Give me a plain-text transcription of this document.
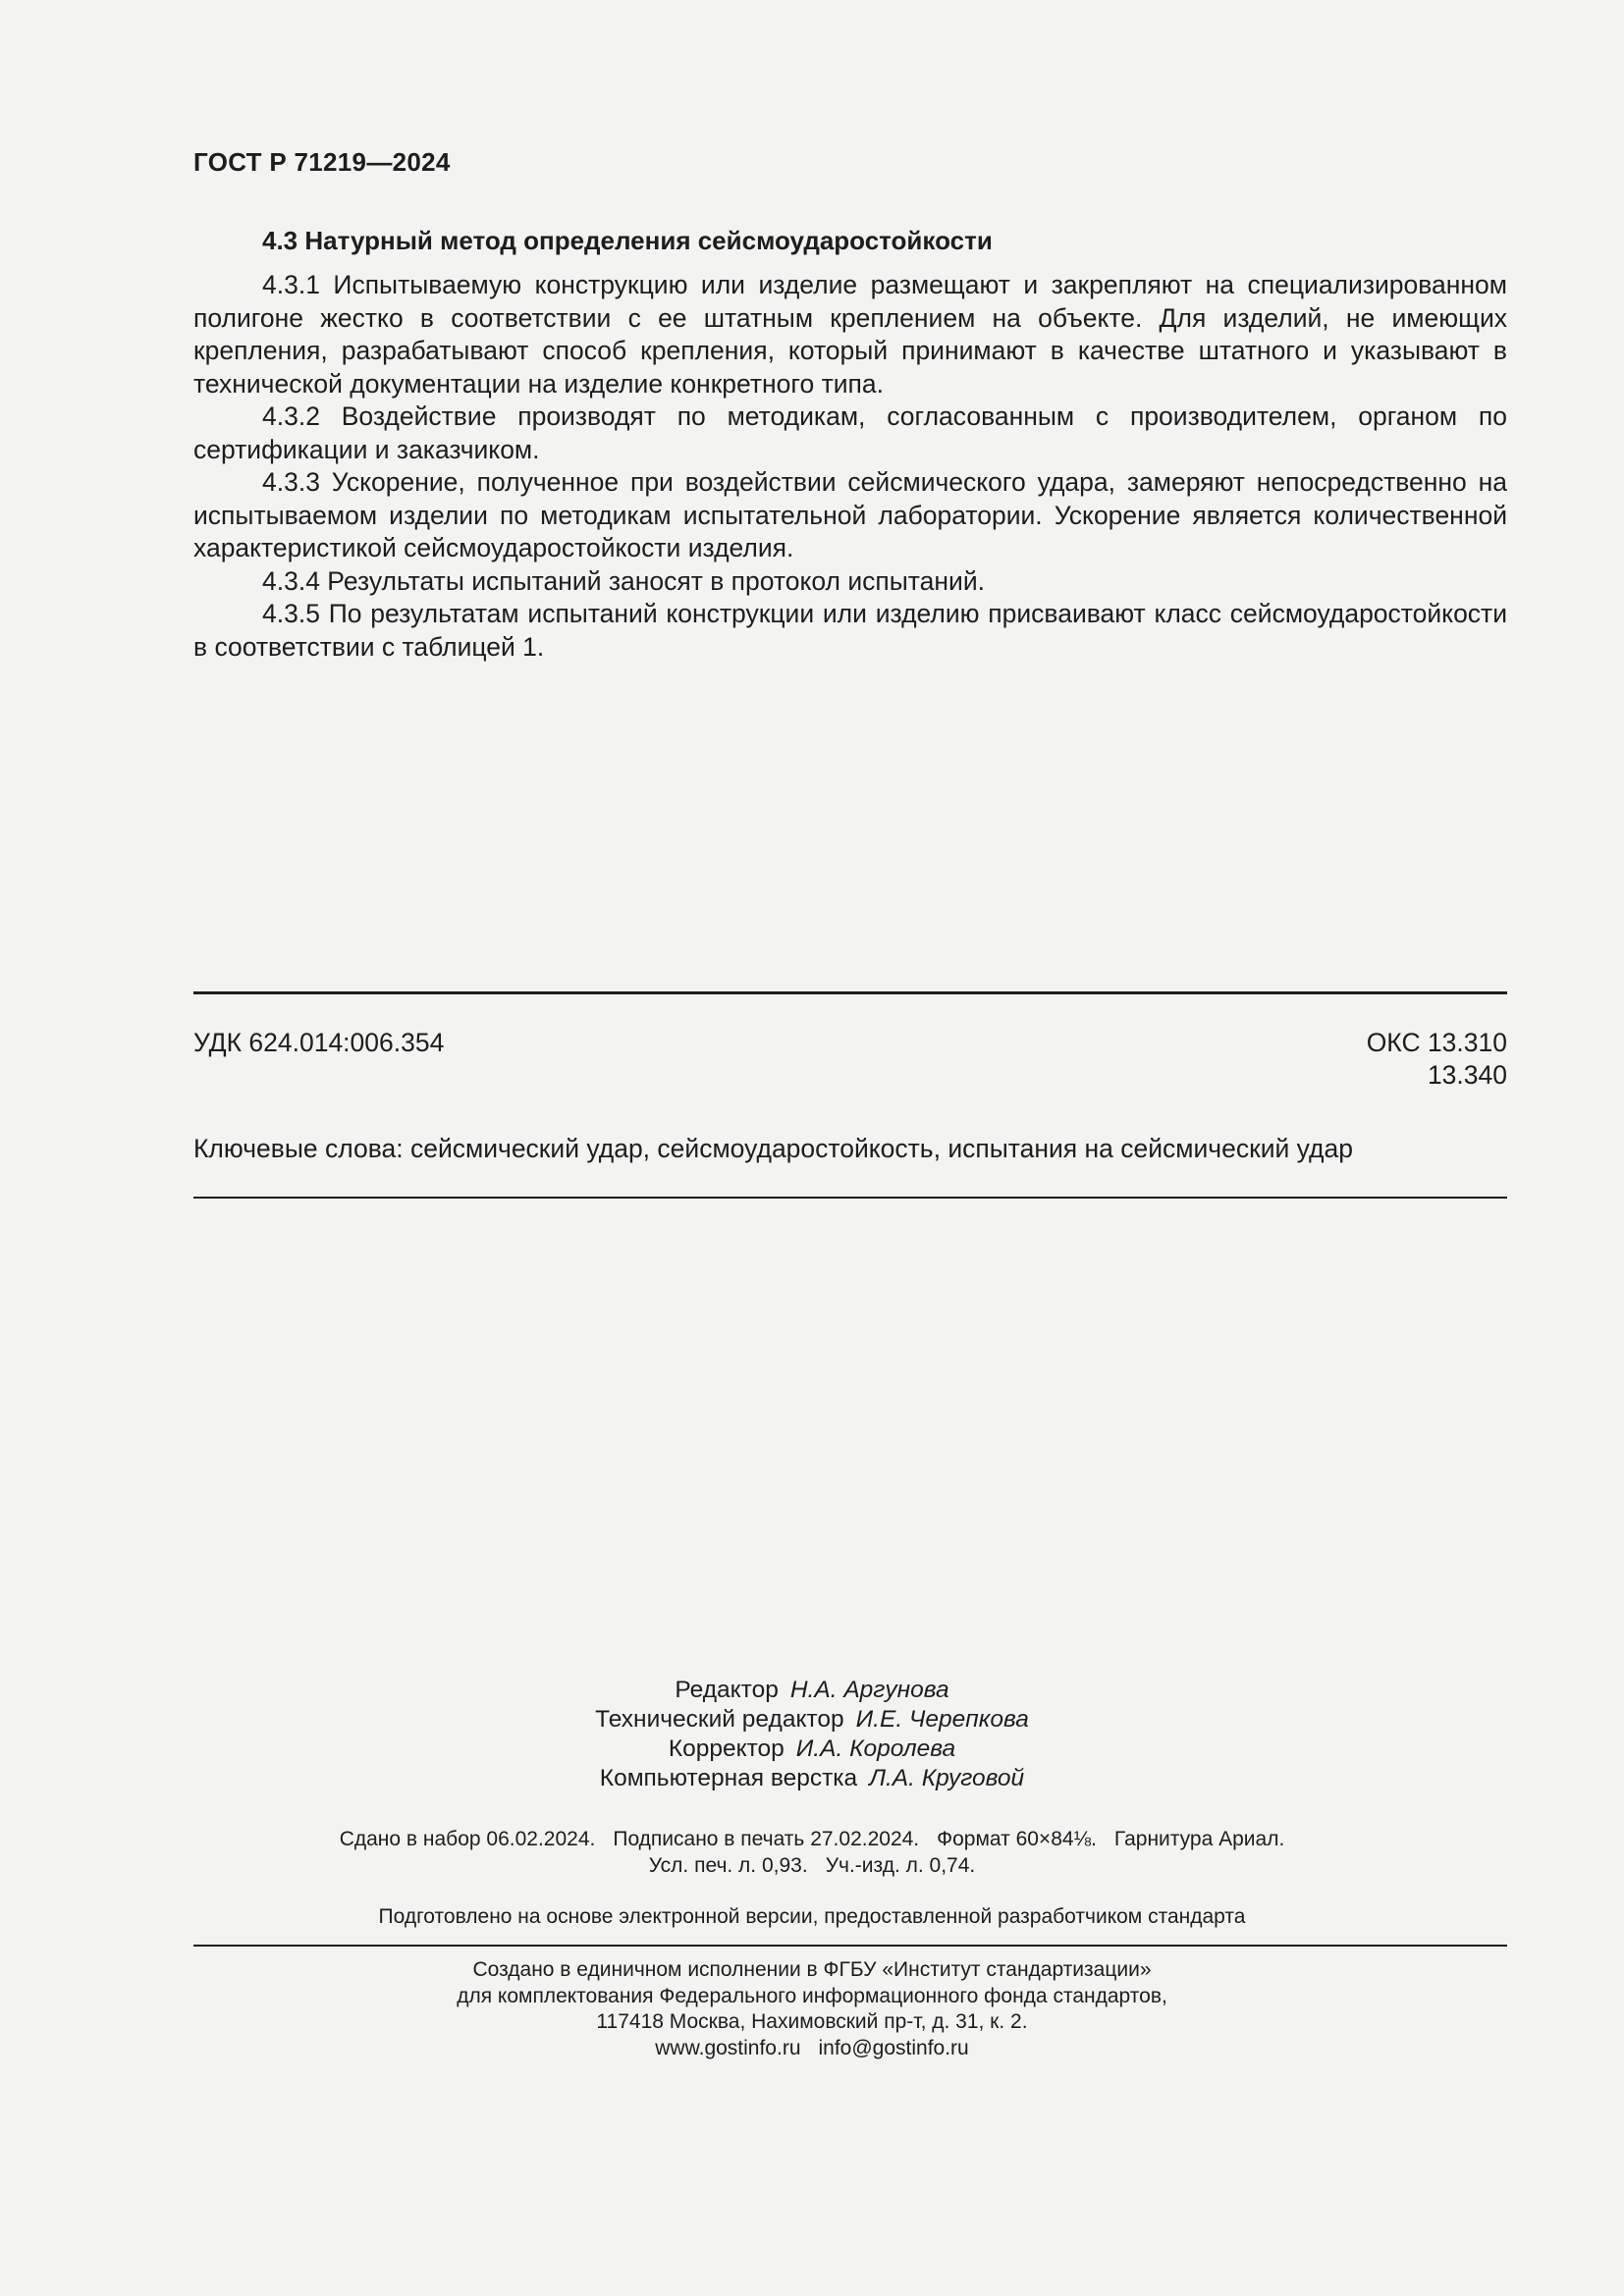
ГОСТ Р 71219—2024
4.3 Натурный метод определения сейсмоударостойкости

4.3.1 Испытываемую конструкцию или изделие размещают и закрепляют на специализированном полигоне жестко в соответствии с ее штатным креплением на объекте. Для изделий, не имеющих крепления, разрабатывают способ крепления, который принимают в качестве штатного и указывают в технической документации на изделие конкретного типа.

4.3.2 Воздействие производят по методикам, согласованным с производителем, органом по сертификации и заказчиком.

4.3.3 Ускорение, полученное при воздействии сейсмического удара, замеряют непосредственно на испытываемом изделии по методикам испытательной лаборатории. Ускорение является количественной характеристикой сейсмоударостойкости изделия.

4.3.4 Результаты испытаний заносят в протокол испытаний.

4.3.5 По результатам испытаний конструкции или изделию присваивают класс сейсмоударостойкости в соответствии с таблицей 1.

УДК 624.014:006.354	ОКС 13.310
13.340
Ключевые слова: сейсмический удар, сейсмоударостойкость, испытания на сейсмический удар
Редактор Н.А. Аргунова
Технический редактор И.Е. Черепкова
Корректор И.А. Королева
Компьютерная верстка Л.А. Круговой
Сдано в набор 06.02.2024. Подписано в печать 27.02.2024. Формат 60×84⅛. Гарнитура Ариал.
Усл. печ. л. 0,93. Уч.-изд. л. 0,74.
Подготовлено на основе электронной версии, предоставленной разработчиком стандарта
Создано в единичном исполнении в ФГБУ «Институт стандартизации»
для комплектования Федерального информационного фонда стандартов,
117418 Москва, Нахимовский пр-т, д. 31, к. 2.
www.gostinfo.ru info@gostinfo.ru
